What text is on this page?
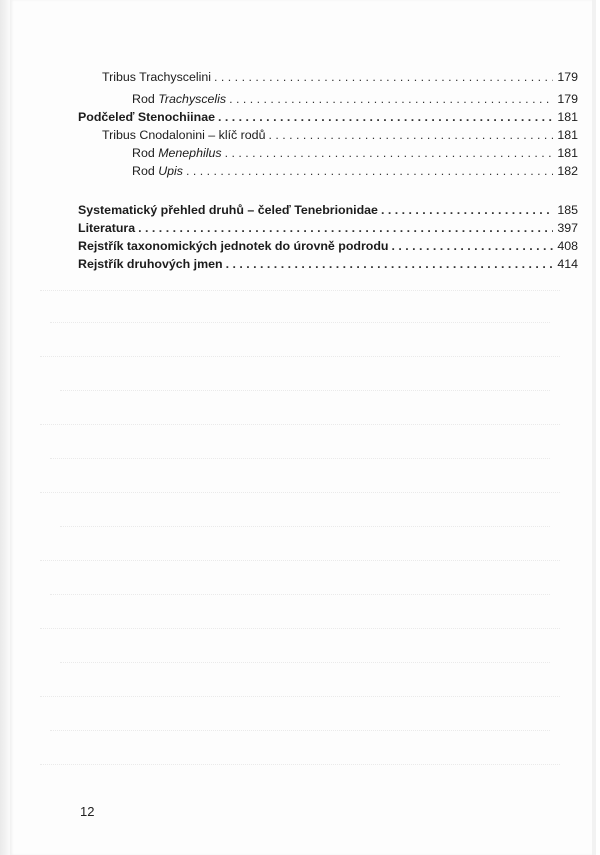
Tribus Trachyscelini . . .	179
Rod Trachyscelis . . .	179
Podčeleď Stenochiinae . . .	181
Tribus Cnodalonini – klíč rodů . . .	181
Rod Menephilus . . .	181
Rod Upis . . .	182
Systematický přehled druhů – čeleď Tenebrionidae . . .	185
Literatura . . .	397
Rejstřík taxonomických jednotek do úrovně podrodu . . .	408
Rejstřík druhových jmen . . .	414
12
